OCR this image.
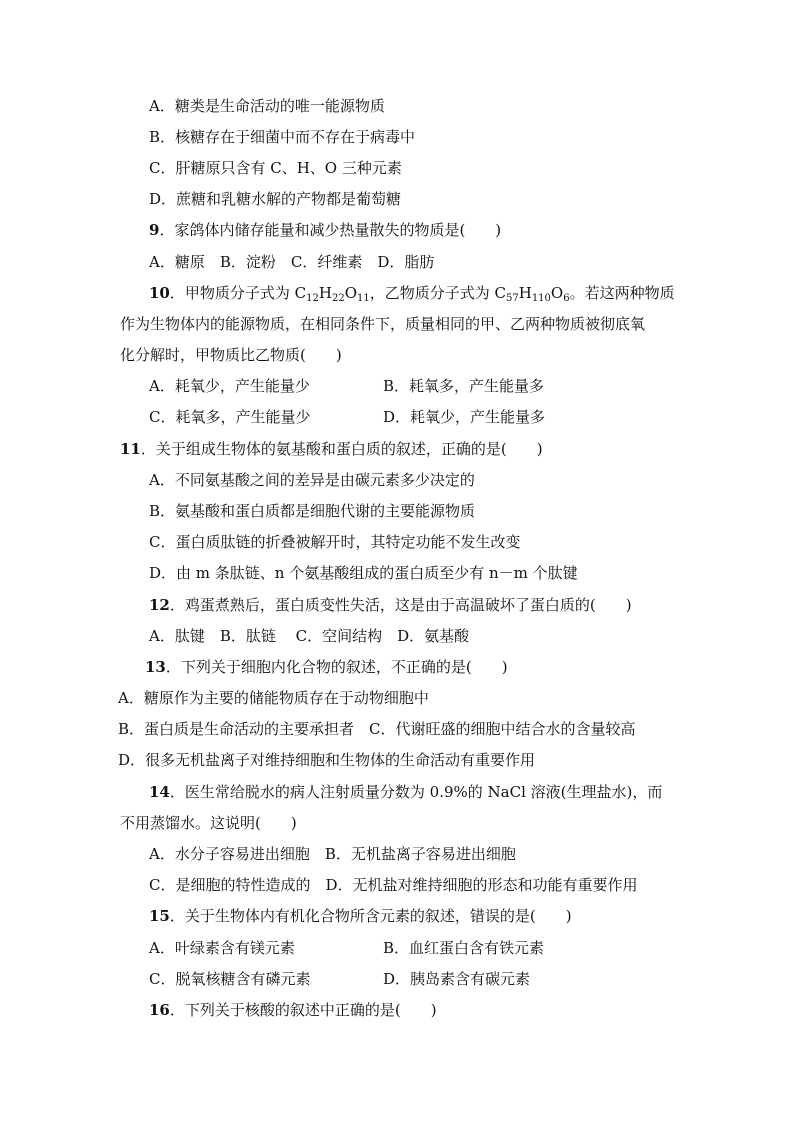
A．糖类是生命活动的唯一能源物质
B．核糖存在于细菌中而不存在于病毒中
C．肝糖原只含有 C、H、O 三种元素
D．蔗糖和乳糖水解的产物都是葡萄糖
9．家鸽体内储存能量和减少热量散失的物质是(　　)
A．糖原　B．淀粉　C．纤维素　D．脂肪
10．甲物质分子式为 $C_{12}H_{22}O_{11}$，乙物质分子式为 $C_{57}H_{110}O_6$。若这两种物质
作为生物体内的能源物质，在相同条件下，质量相同的甲、乙两种物质被彻底氧
化分解时，甲物质比乙物质(　　)
A．耗氧少，产生能量少	B．耗氧多，产生能量多
C．耗氧多，产生能量少	D．耗氧少，产生能量多
11．关于组成生物体的氨基酸和蛋白质的叙述，正确的是(　　)
A．不同氨基酸之间的差异是由碳元素多少决定的
B．氨基酸和蛋白质都是细胞代谢的主要能源物质
C．蛋白质肽链的折叠被解开时，其特定功能不发生改变
D．由 m 条肽链、n 个氨基酸组成的蛋白质至少有 n－m 个肽键
12．鸡蛋煮熟后，蛋白质变性失活，这是由于高温破坏了蛋白质的(　　)
A．肽键　B．肽链　 C．空间结构　D．氨基酸
13．下列关于细胞内化合物的叙述，不正确的是(　　)
A．糖原作为主要的储能物质存在于动物细胞中
B．蛋白质是生命活动的主要承担者　C．代谢旺盛的细胞中结合水的含量较高
D．很多无机盐离子对维持细胞和生物体的生命活动有重要作用
14．医生常给脱水的病人注射质量分数为 0.9%的 NaCl 溶液(生理盐水)，而
不用蒸馏水。这说明(　　)
A．水分子容易进出细胞　B．无机盐离子容易进出细胞
C．是细胞的特性造成的　D．无机盐对维持细胞的形态和功能有重要作用
15．关于生物体内有机化合物所含元素的叙述，错误的是(　　)
A．叶绿素含有镁元素	B．血红蛋白含有铁元素
C．脱氧核糖含有磷元素	D．胰岛素含有碳元素
16．下列关于核酸的叙述中正确的是(　　)
